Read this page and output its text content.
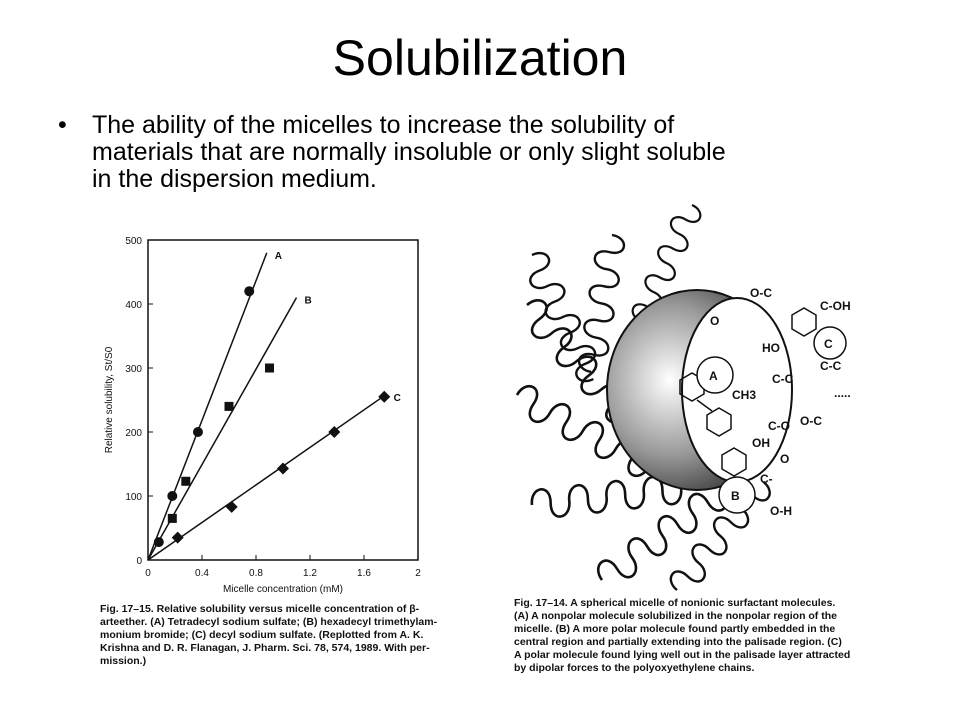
Solubilization
• The ability of the micelles to increase the solubility of
materials that are normally insoluble or only slight soluble
in the dispersion medium.
0	0.4	0.8	1.2	1.6	2
0
100
200
300
400
500
Micelle concentration (mM)
Relative solubility, St/S0
A
B
C
Fig. 17–15. Relative solubility versus micelle concentration of β-
arteether. (A) Tetradecyl sodium sulfate; (B) hexadecyl trimethylam-
monium bromide; (C) decyl sodium sulfate. (Replotted from A. K.
Krishna and D. R. Flanagan, J. Pharm. Sci. 78, 574, 1989. With per-
mission.)
A
B
C
CH3
HO
OH
C-OH
O-H
C-C
C-C
C-O O-C
O
O-C
C-
O
.....
Fig. 17–14. A spherical micelle of nonionic surfactant molecules.
(A) A nonpolar molecule solubilized in the nonpolar region of the
micelle. (B) A more polar molecule found partly embedded in the
central region and partially extending into the palisade region. (C)
A polar molecule found lying well out in the palisade layer attracted
by dipolar forces to the polyoxyethylene chains.
